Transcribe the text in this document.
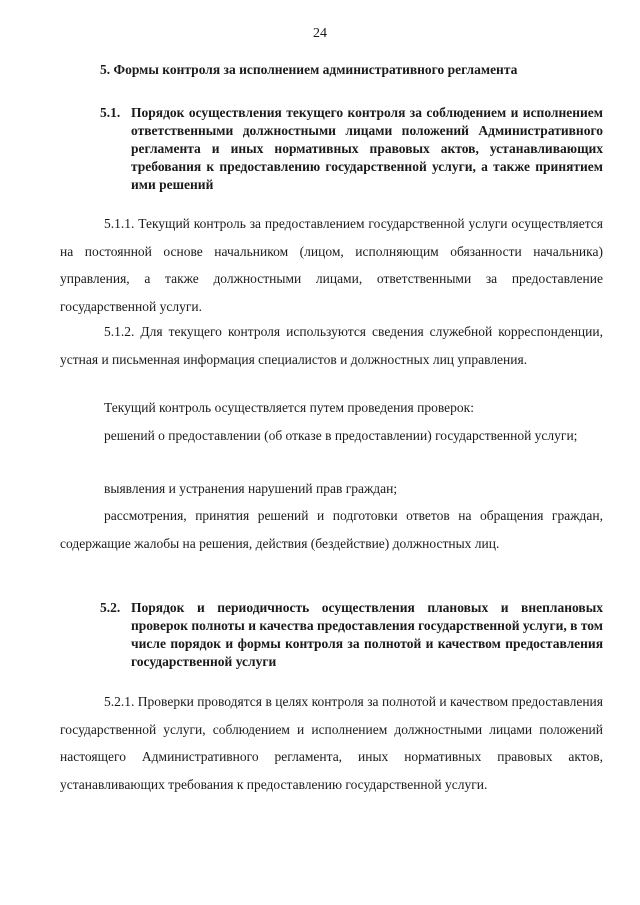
24
5. Формы контроля за исполнением административного регламента
5.1. Порядок осуществления текущего контроля за соблюдением и исполнением ответственными должностными лицами положений Административного регламента и иных нормативных правовых актов, устанавливающих требования к предоставлению государственной услуги, а также принятием ими решений

5.1.1. Текущий контроль за предоставлением государственной услуги осуществляется на постоянной основе начальником (лицом, исполняющим обязанности начальника) управления, а также должностными лицами, ответственными за предоставление государственной услуги.

5.1.2. Для текущего контроля используются сведения служебной корреспонденции, устная и письменная информация специалистов и должностных лиц управления.

Текущий контроль осуществляется путем проведения проверок:

решений о предоставлении (об отказе в предоставлении) государственной услуги;

выявления и устранения нарушений прав граждан;

рассмотрения, принятия решений и подготовки ответов на обращения граждан, содержащие жалобы на решения, действия (бездействие) должностных лиц.

5.2. Порядок и периодичность осуществления плановых и внеплановых проверок полноты и качества предоставления государственной услуги, в том числе порядок и формы контроля за полнотой и качеством предоставления государственной услуги

5.2.1. Проверки проводятся в целях контроля за полнотой и качеством предоставления государственной услуги, соблюдением и исполнением должностными лицами положений настоящего Административного регламента, иных нормативных правовых актов, устанавливающих требования к предоставлению государственной услуги.
